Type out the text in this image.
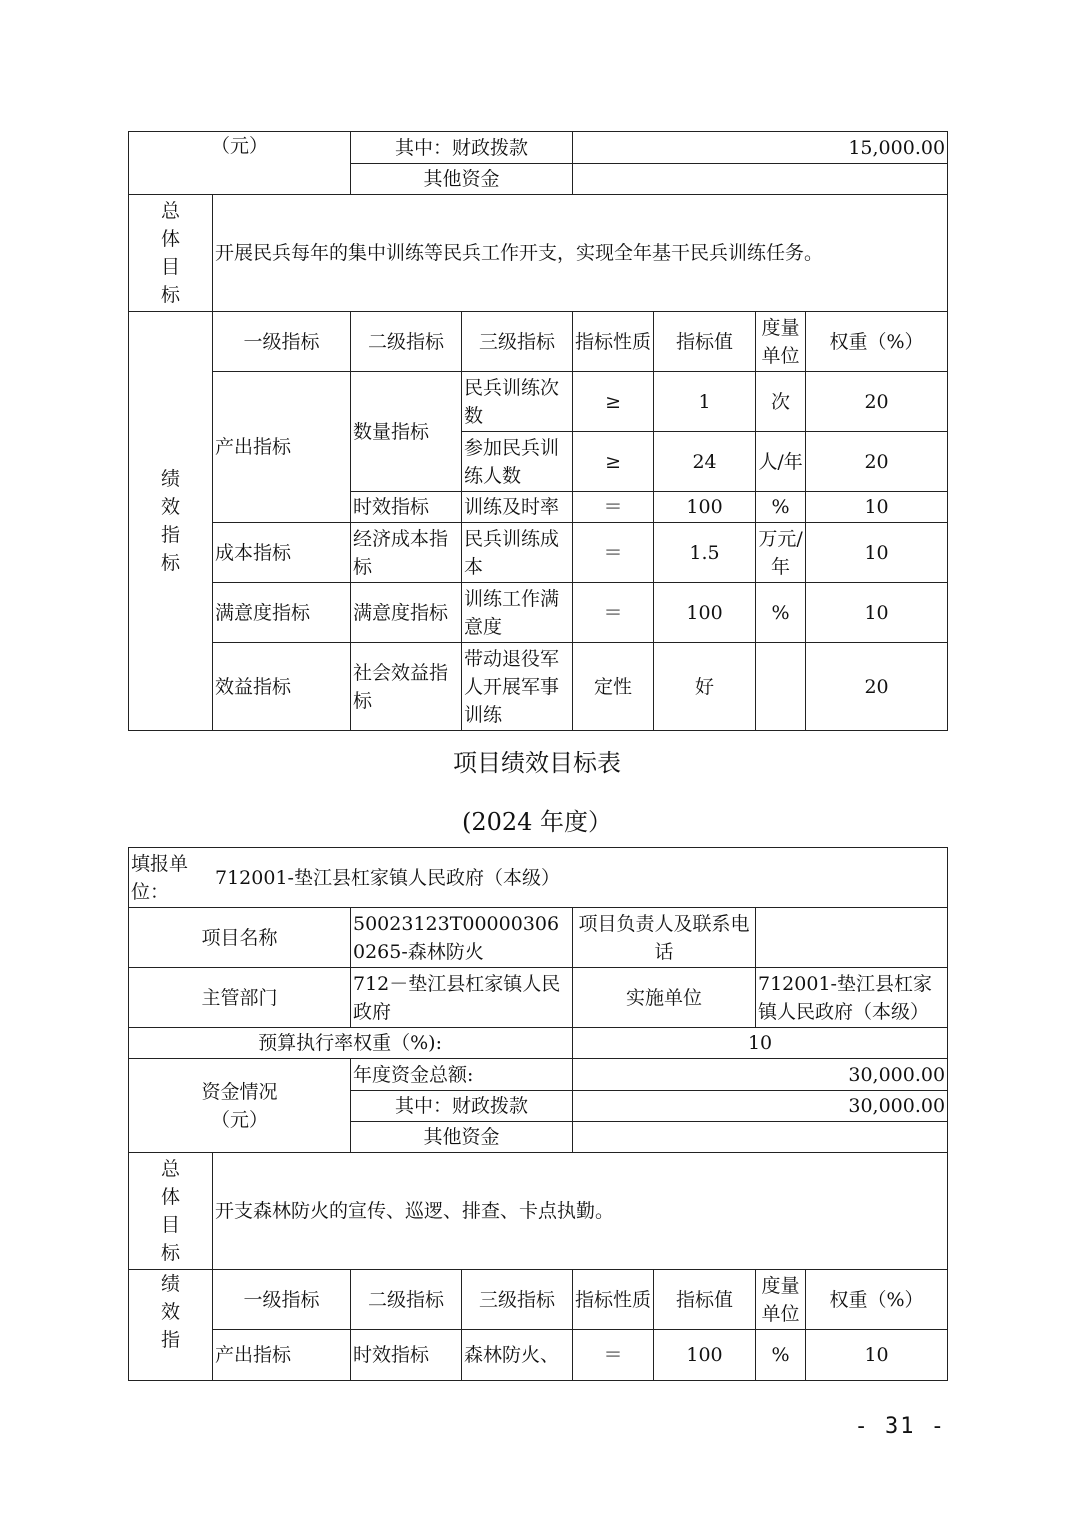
（元）		其中：财政拨款		15,000.00			
		其他资金					

总
体
目
标	开展民兵每年的集中训练等民兵工作开支，实现全年基干民兵训练任务。						

绩
效
指
标	一级指标	二级指标	三级指标	指标性质	指标值	度量单位	权重（%）
	产出指标	数量指标	民兵训练次数	≥	1	次	20
			参加民兵训练人数	≥	24	人/年	20
		时效指标	训练及时率	＝	100	%	10
	成本指标	经济成本指标	民兵训练成本	＝	1.5	万元/年	10
	满意度指标	满意度指标	训练工作满意度	＝	100	%	10
	效益指标	社会效益指标	带动退役军人开展军事训练	定性	好		20
项目绩效目标表
(2024 年度）
填报单位：
712001-垫江县杠家镇人民政府（本级）							

项目名称		50023123T000003060265-森林防火		项目负责人及联系电话			
主管部门		712－垫江县杠家镇人民政府		实施单位		712001-垫江县杠家镇人民政府（本级）	
预算执行率权重（%):				10			

资金情况
（元）		年度资金总额:		30,000.00			
		其中：财政拨款		30,000.00			
		其他资金					

总
体
目
标	开支森林防火的宣传、巡逻、排查、卡点执勤。						

绩
效
指	一级指标	二级指标	三级指标	指标性质	指标值	度量单位	权重（%）
	产出指标	时效指标	森林防火、	＝	100	%	10
- 31 -
